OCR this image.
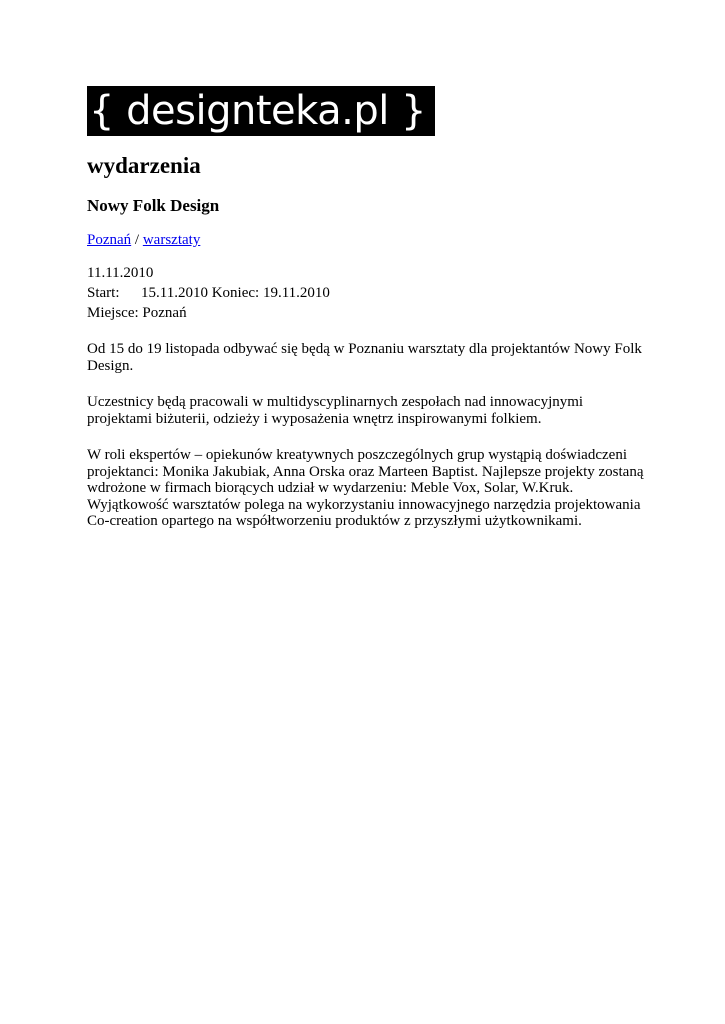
{ designteka.pl }
wydarzenia
Nowy Folk Design
Poznań / warsztaty
11.11.2010
Start: 15.11.2010 Koniec: 19.11.2010
Miejsce: Poznań

Od 15 do 19 listopada odbywać się będą w Poznaniu warsztaty dla projektantów Nowy Folk Design.

Uczestnicy będą pracowali w multidyscyplinarnych zespołach nad innowacyjnymi projektami biżuterii, odzieży i wyposażenia wnętrz inspirowanymi folkiem.

W roli ekspertów – opiekunów kreatywnych poszczególnych grup wystąpią doświadczeni projektanci: Monika Jakubiak, Anna Orska oraz Marteen Baptist. Najlepsze projekty zostaną wdrożone w firmach biorących udział w wydarzeniu: Meble Vox, Solar, W.Kruk. Wyjątkowość warsztatów polega na wykorzystaniu innowacyjnego narzędzia projektowania Co-creation opartego na współtworzeniu produktów z przyszłymi użytkownikami.
